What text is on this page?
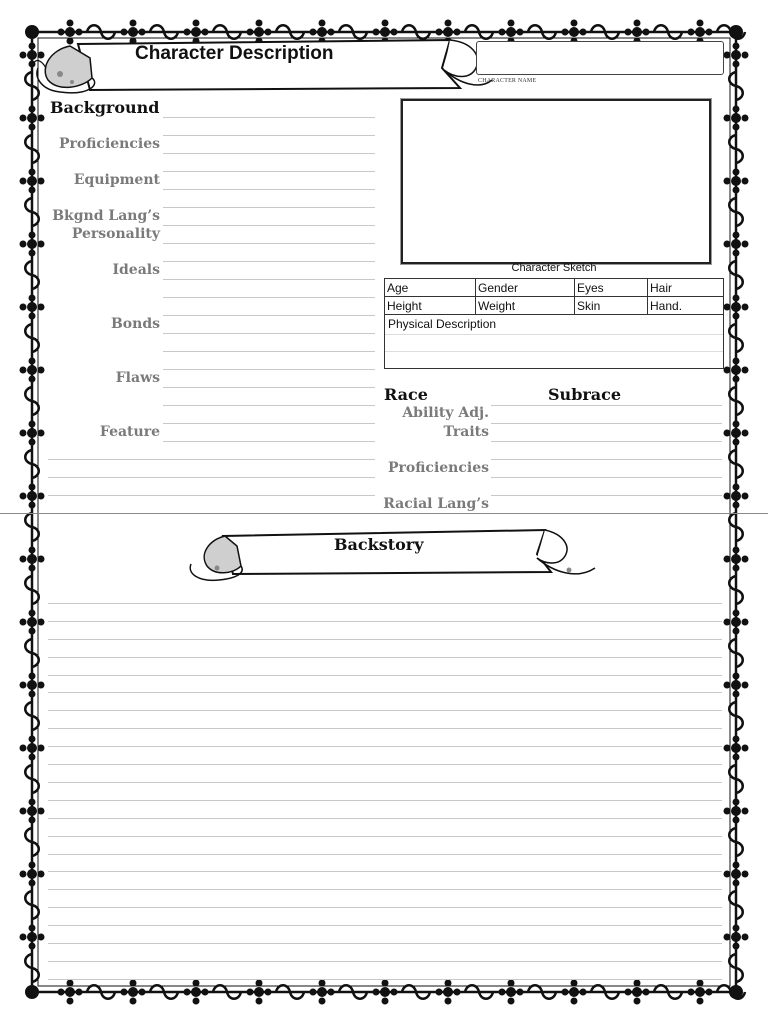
Character Description
CHARACTER NAME
Background
Proficiencies
Equipment
Bkgnd Lang’s
Personality
Ideals
Bonds
Flaws
Feature
Character Sketch
Age	Gender	Eyes	Hair
Height	Weight	Skin	Hand.
Physical Description
Race	Subrace
Ability Adj.
Traits
Proficiencies
Racial Lang’s
Backstory
